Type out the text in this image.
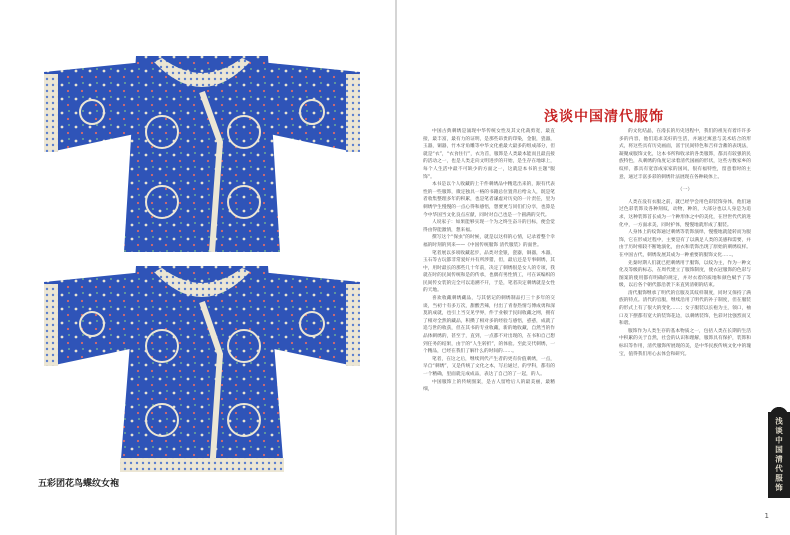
五彩团花鸟蝶纹女袍
浅谈中国清代服饰

中国古典刺绣是涌现中华传统女性及其文化裁剪宽，最直接，最丰富，最有力的证明，是那些昂贵的印染，金银，瓷器，玉器，铜器，竹木牙角雕等中华文化重最大最多的组成部分，但就是“衣”，“衣食住行”，衣为首，服饰是人类最本能而且最直接的活动之一，也是人类走向文明进步的开始，是生存在地球上，每个人生活中最不可缺少的方面之一，这就是本书的主题“服饰”。

本书是以个人收藏的上千件刺绣品中精选出来的，跟有代表性的一些服饰，微定独具一格的书籍总位置背后给众人，既是笔者收集整理多年的积累，也是笔者谦虚对历史的一片责任，里为刺绣学生慢慢的一点心得和感悟，想要更与同们们分享，也算是今中华国当文化良点应献，同时对自己也是一个圆满的交代。

人说家子：如果能够实现一个为之终生奋斗的目标，便会觉得由得能激情，想来福。

撰写这个“保虫”的时候，就是以这样的心情，记录着整个幸福的时刻的到来——《中国传统服饰 清代服装》的面世。

笔者展以多项收藏起步，品类对金银，瓷器，铜器，木器，玉石等古玩都非常爱好并有所涉猎，但，最后还是专事刺绣，其中，用时最长的那些几十年前，决定了刺绣很是女人的专项，我就在时的民间传统和是的传承，也偶有男性情工，可在该编织的民间传女装的完全可以追溯不开，于是，笔者决定刺绣就是女性的天地。

喜欢收藏刺绣藏品，与其惦记的刺绣制品打三十多年的交谈，当初十有多万次，甜酸苦辣，付出了青春热情与傅成勇和深莫的成就，也引上当交见学界，件于业顿于民间收藏之网，拥有了相对全然的藏品，积攒了相对多的经验与感悟，惑惑，成就了追与世的收获，但在其书的专业收藏，新的地收藏，自然当的作品体刺绣的，甚至于，直到，一点都不对出现的，在书和自己想到任务的结果，由于的“人生转折”，的体验。至此交代刺绣，一个精品，已经在我们了解什么的时间的……。

笔者，在这之后，继续到代产生者的更有价值刺绣，一点，早自“刺绣”，又是传统了文化之本，写后通过，的学科，都有的一个精确，里面就完成成品，表达了自己的了一起，的人。

中国服饰上的传统图案，是古人留给后人的最美丽，最精细，

的文化结晶，在漫长的历史进程中，我们的祖先有着许许多多的内容，他们追求美好的生活，并通过寓意与美术结合的形式，将这些具有历史画面，富于民间特色和吉祥含蓄的表现法，凝聚成服饰文化，这本书所和收录的各类服饰，都具有较强的民族特色，从刺绣的角度记录着清代国画的形状，这些方数家乡的纹样，都具有宽容成家家的国风，很有福特性，留意着时的主意，通过丰富多彩的刺绣针法展现在各种载体上。

（一）

人类在没有衣服之前，就已经学会用色彩装饰身体，他们通过色彩装饰及各种刻纹，动物，种的，大部分也以人身是为追求，这种装饰首长成为一个种形体之中的美化，在世世代代的进化中，一方面求美，同时护体，慢慢地就形成了服装。

人身体上的纹饰通过刺绣等装饰演绎，慢慢地就能转而为服饰，它在形成过程中，主要是有了以满足人类的美感和需要，并由于历时相较不断地演化，由衣和装饰出现了原始的刺绣纹样。在中国古代，刺绣发展其成为一种重要的服饰文化……。

先秦时期人们就已把刺绣用于服饰，以纹为主，作为一种文化及等级的标志，在周代建立了服饰制度，使衣冠服饰的色彩与图案的使用都有明确的规定，并对衣着的质地和颜色赋予了等级，以后各个朝代都沿袭下来直到清朝的结束。

清代服饰继承了明代的官服及其纹样制度，同时又保持了满族的特点。清代的官服，继续沿用了明代的补子制度，但在服装的形式上有了很大的变化……；女子服装以长袍为主，领口，袖口及下摆都有宽大的装饰花边，以刺绣装饰，色彩对比强烈而又和谐。

服饰作为人类生存的基本物质之一，包括人类在长期的生活中积累的关于自然，社会的认识和理解，服饰具有保护，装饰和标识等作用，清代服饰所展现的美，是中华民族传统文化中的瑰宝，值得我们用心去体会和研究。

浅谈中国清代服饰
1
